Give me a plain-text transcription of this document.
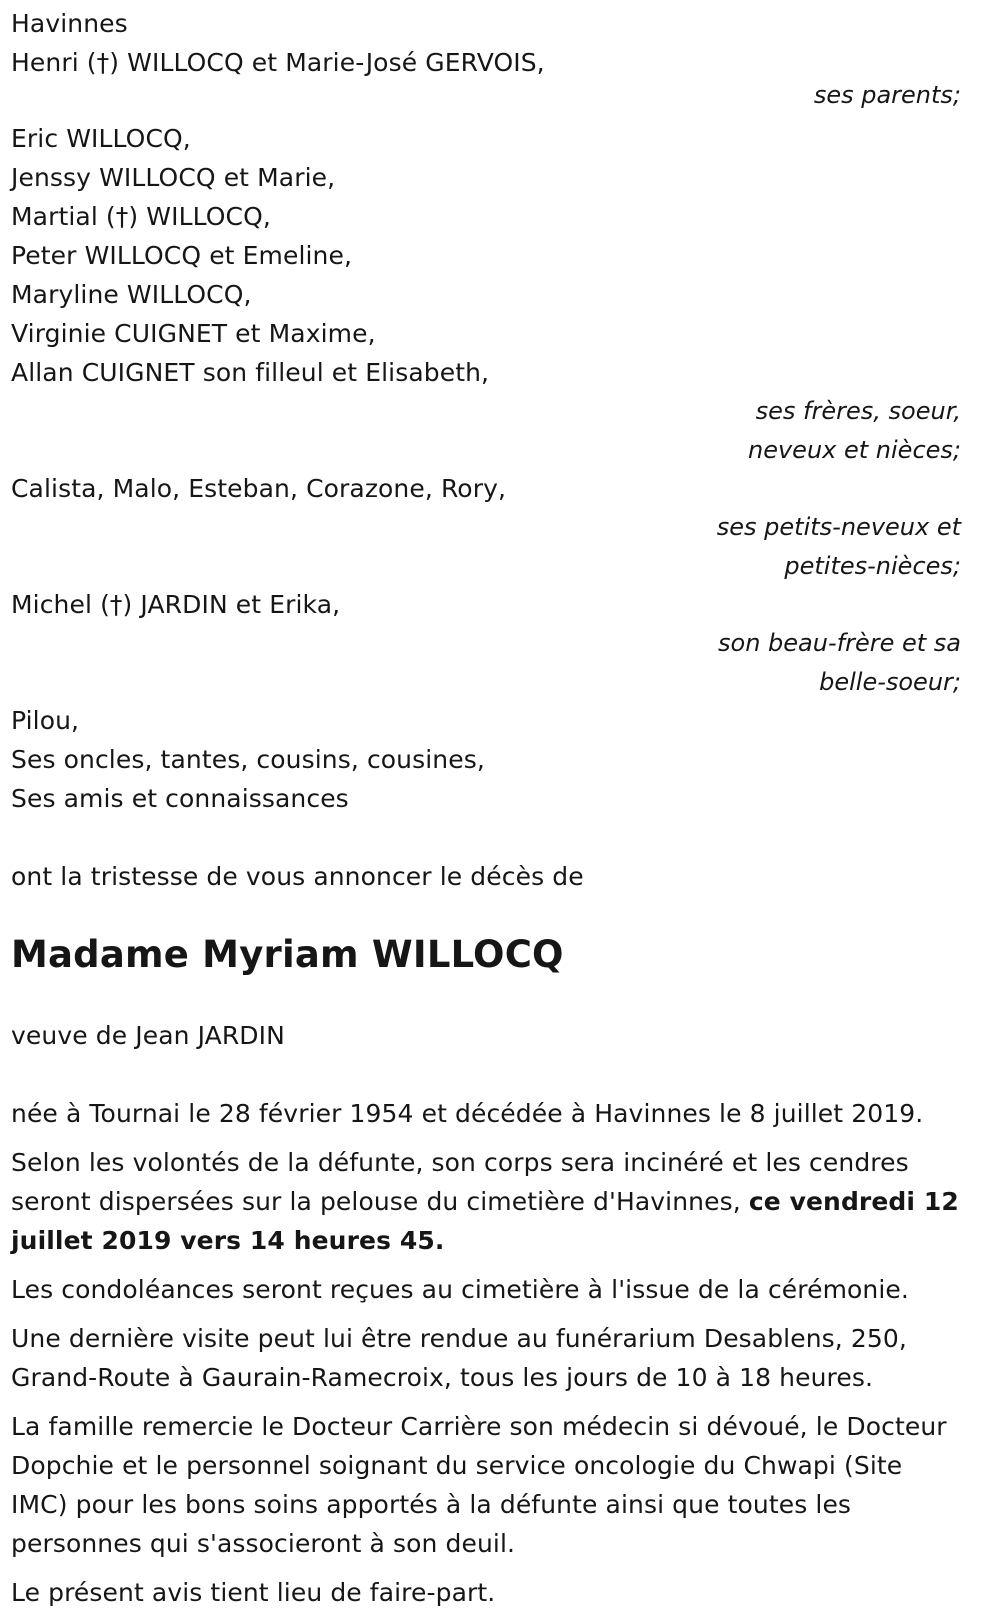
Havinnes
Henri (†) WILLOCQ et Marie-José GERVOIS,
ses parents;
Eric WILLOCQ,
Jenssy WILLOCQ et Marie,
Martial (†) WILLOCQ,
Peter WILLOCQ et Emeline,
Maryline WILLOCQ,
Virginie CUIGNET et Maxime,
Allan CUIGNET son filleul et Elisabeth,
ses frères, soeur,
neveux et nièces;
Calista, Malo, Esteban, Corazone, Rory,
ses petits-neveux et
petites-nièces;
Michel (†) JARDIN et Erika,
son beau-frère et sa
belle-soeur;
Pilou,
Ses oncles, tantes, cousins, cousines,
Ses amis et connaissances
ont la tristesse de vous annoncer le décès de
Madame Myriam WILLOCQ
veuve de Jean JARDIN
née à Tournai le 28 février 1954 et décédée à Havinnes le 8 juillet 2019.
Selon les volontés de la défunte, son corps sera incinéré et les cendres seront dispersées sur la pelouse du cimetière d'Havinnes, ce vendredi 12 juillet 2019 vers 14 heures 45.
Les condoléances seront reçues au cimetière à l'issue de la cérémonie.
Une dernière visite peut lui être rendue au funérarium Desablens, 250, Grand-Route à Gaurain-Ramecroix, tous les jours de 10 à 18 heures.
La famille remercie le Docteur Carrière son médecin si dévoué, le Docteur Dopchie et le personnel soignant du service oncologie du Chwapi (Site IMC) pour les bons soins apportés à la défunte ainsi que toutes les personnes qui s'associeront à son deuil.
Le présent avis tient lieu de faire-part.
